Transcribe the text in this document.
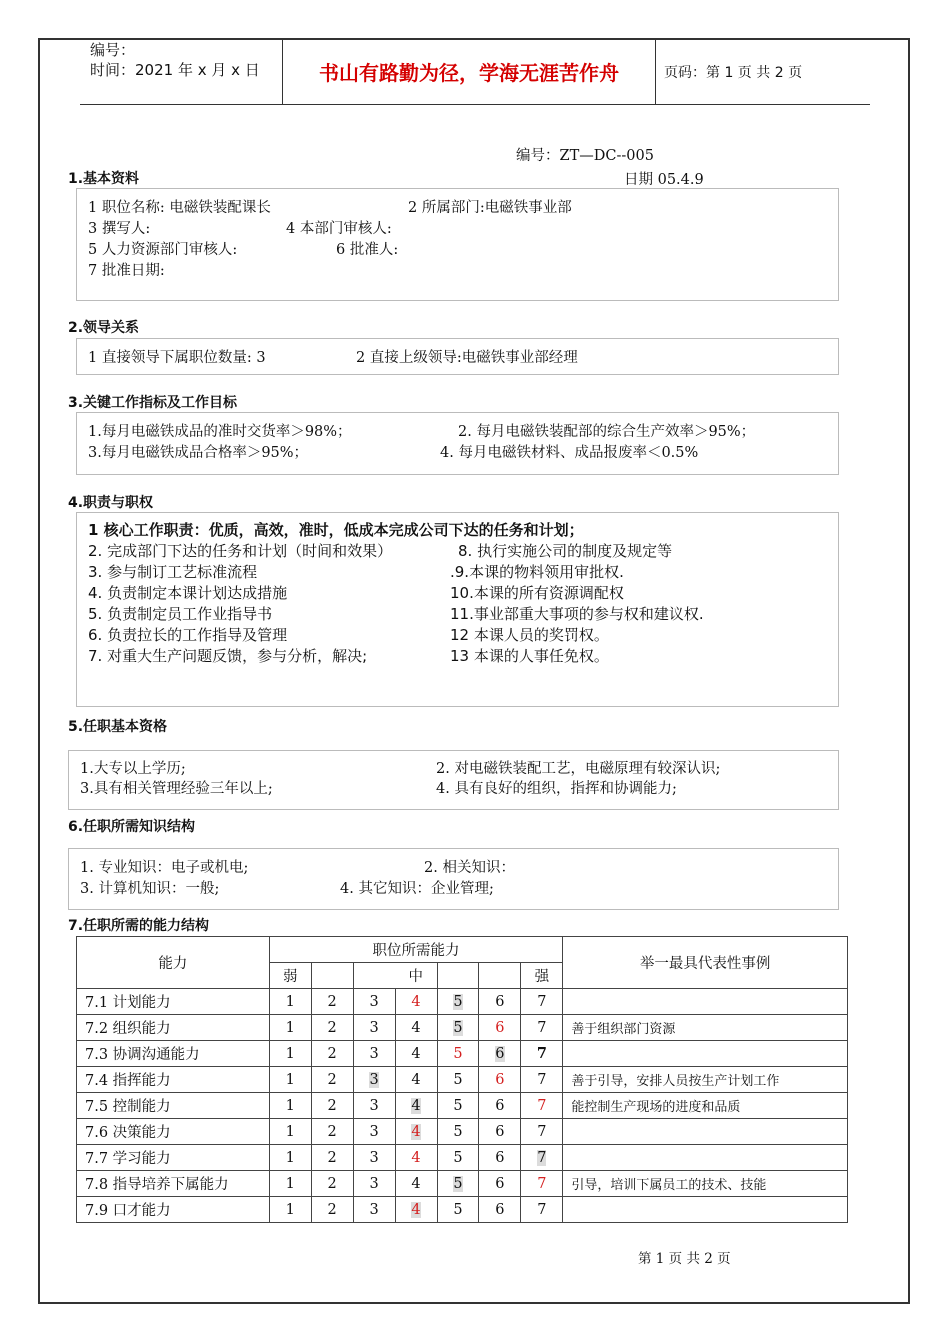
编号：
时间：2021 年 x 月 x 日	书山有路勤为径，学海无涯苦作舟	页码：第 1 页 共 2 页
编号：ZT—DC--005
日期 05.4.9
1.基本资料
1 职位名称: 电磁铁装配课长	2 所属部门:电磁铁事业部
3 撰写人:	4 本部门审核人:
5 人力资源部门审核人:	6 批准人:
7 批准日期:
2.领导关系
1 直接领导下属职位数量: 3	2 直接上级领导:电磁铁事业部经理
3.关键工作指标及工作目标
1.每月电磁铁成品的准时交货率＞98%；	2. 每月电磁铁装配部的综合生产效率＞95%；
3.每月电磁铁成品合格率＞95%；	4. 每月电磁铁材料、成品报废率＜0.5%
4.职责与职权
1 核心工作职责：优质，高效，准时，低成本完成公司下达的任务和计划；
2. 完成部门下达的任务和计划（时间和效果）
3. 参与制订工艺标准流程
4. 负责制定本课计划达成措施
5. 负责制定员工作业指导书
6. 负责拉长的工作指导及管理
7. 对重大生产问题反馈，参与分析，解决;
8. 执行实施公司的制度及规定等
.9.本课的物料领用审批权.
10.本课的所有资源调配权
11.事业部重大事项的参与权和建议权.
12 本课人员的奖罚权。
13 本课的人事任免权。
5.任职基本资格
1.大专以上学历;	2. 对电磁铁装配工艺，电磁原理有较深认识;
3.具有相关管理经验三年以上;	4. 具有良好的组织，指挥和协调能力;
6.任职所需知识结构
1. 专业知识：电子或机电;	2. 相关知识：
3. 计算机知识：一般;	4. 其它知识：企业管理;
7.任职所需的能力结构
能力	职位所需能力							举一最具代表性事例
	弱			中			强	
7.1 计划能力	1	2	3	4	5	6	7	
7.2 组织能力	1	2	3	4	5	6	7	善于组织部门资源
7.3 协调沟通能力	1	2	3	4	5	6	7	
7.4 指挥能力	1	2	3	4	5	6	7	善于引导，安排人员按生产计划工作
7.5 控制能力	1	2	3	4	5	6	7	能控制生产现场的进度和品质
7.6 决策能力	1	2	3	4	5	6	7	
7.7 学习能力	1	2	3	4	5	6	7	
7.8 指导培养下属能力	1	2	3	4	5	6	7	引导，培训下属员工的技术、技能
7.9 口才能力	1	2	3	4	5	6	7	
第 1 页 共 2 页
